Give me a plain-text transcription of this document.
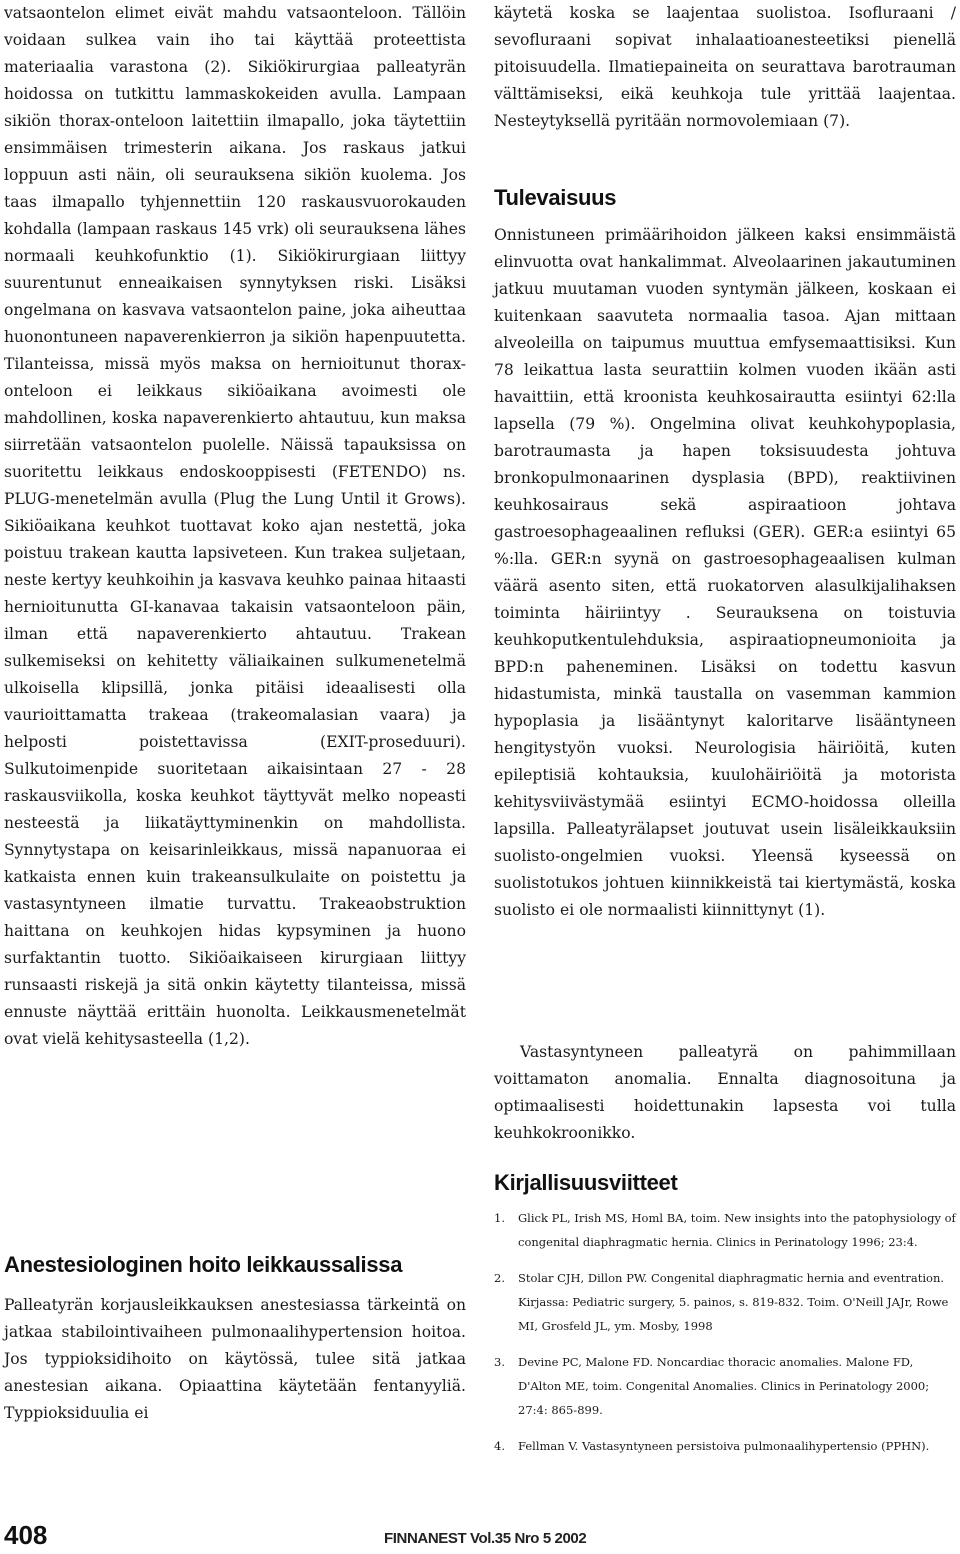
vatsaontelon elimet eivät mahdu vatsaonteloon. Tällöin voidaan sulkea vain iho tai käyttää proteettista materiaalia varastona (2). Sikiökirurgiaa palleatyrän hoidossa on tutkittu lammaskokeiden avulla. Lampaan sikiön thorax-onteloon laitettiin ilmapallo, joka täytettiin ensimmäisen trimesterin aikana. Jos raskaus jatkui loppuun asti näin, oli seurauksena sikiön kuolema. Jos taas ilmapallo tyhjennettiin 120 raskausvuorokauden kohdalla (lampaan raskaus 145 vrk) oli seurauksena lähes normaali keuhkofunktio (1). Sikiökirurgiaan liittyy suurentunut enneaikaisen synnytyksen riski. Lisäksi ongelmana on kasvava vatsaontelon paine, joka aiheuttaa huonontuneen napaverenkierron ja sikiön hapenpuutetta. Tilanteissa, missä myös maksa on hernioitunut thorax-onteloon ei leikkaus sikiöaikana avoimesti ole mahdollinen, koska napaverenkierto ahtautuu, kun maksa siirretään vatsaontelon puolelle. Näissä tapauksissa on suoritettu leikkaus endoskooppisesti (FETENDO) ns. PLUG-menetelmän avulla (Plug the Lung Until it Grows). Sikiöaikana keuhkot tuottavat koko ajan nestettä, joka poistuu trakean kautta lapsiveteen. Kun trakea suljetaan, neste kertyy keuhkoihin ja kasvava keuhko painaa hitaasti hernioitunutta GI-kanavaa takaisin vatsaonteloon päin, ilman että napaverenkierto ahtautuu. Trakean sulkemiseksi on kehitetty väliaikainen sulkumenetelmä ulkoisella klipsillä, jonka pitäisi ideaalisesti olla vaurioittamatta trakeaa (trakeomalasian vaara) ja helposti poistettavissa (EXIT-proseduuri). Sulkutoimenpide suoritetaan aikaisintaan 27 - 28 raskausviikolla, koska keuhkot täyttyvät melko nopeasti nesteestä ja liikatäyttyminenkin on mahdollista. Synnytystapa on keisarinleikkaus, missä napanuoraa ei katkaista ennen kuin trakeansulkulaite on poistettu ja vastasyntyneen ilmatie turvattu. Trakeaobstruktion haittana on keuhkojen hidas kypsyminen ja huono surfaktantin tuotto. Sikiöaikaiseen kirurgiaan liittyy runsaasti riskejä ja sitä onkin käytetty tilanteissa, missä ennuste näyttää erittäin huonolta. Leikkausmenetelmät ovat vielä kehitysasteella (1,2).

Anestesiologinen hoito leikkaussalissa

Palleatyrän korjausleikkauksen anestesiassa tärkeintä on jatkaa stabilointivaiheen pulmonaalihypertension hoitoa. Jos typpioksidihoito on käytössä, tulee sitä jatkaa anestesian aikana. Opiaattina käytetään fentanyyliä. Typpioksiduulia ei

käytetä koska se laajentaa suolistoa. Isofluraani / sevofluraani sopivat inhalaatioanesteetiksi pienellä pitoisuudella. Ilmatiepaineita on seurattava barotrauman välttämiseksi, eikä keuhkoja tule yrittää laajentaa. Nesteytyksellä pyritään normovolemiaan (7).

Tulevaisuus

Onnistuneen primäärihoidon jälkeen kaksi ensimmäistä elinvuotta ovat hankalimmat. Alveolaarinen jakautuminen jatkuu muutaman vuoden syntymän jälkeen, koskaan ei kuitenkaan saavuteta normaalia tasoa. Ajan mittaan alveoleilla on taipumus muuttua emfysemaattisiksi. Kun 78 leikattua lasta seurattiin kolmen vuoden ikään asti havaittiin, että kroonista keuhkosairautta esiintyi 62:lla lapsella (79 %). Ongelmina olivat keuhkohypoplasia, barotraumasta ja hapen toksisuudesta johtuva bronkopulmonaarinen dysplasia (BPD), reaktiivinen keuhkosairaus sekä aspiraatioon johtava gastroesophageaalinen refluksi (GER). GER:a esiintyi 65 %:lla. GER:n syynä on gastroesophageaalisen kulman väärä asento siten, että ruokatorven alasulkijalihaksen toiminta häiriintyy . Seurauksena on toistuvia keuhkoputkentulehduksia, aspiraatiopneumonioita ja BPD:n paheneminen. Lisäksi on todettu kasvun hidastumista, minkä taustalla on vasemman kammion hypoplasia ja lisääntynyt kaloritarve lisääntyneen hengitystyön vuoksi. Neurologisia häiriöitä, kuten epileptisiä kohtauksia, kuulohäiriöitä ja motorista kehitysviivästymää esiintyi ECMO-hoidossa olleilla lapsilla. Palleatyrälapset joutuvat usein lisäleikkauksiin suolisto-ongelmien vuoksi. Yleensä kyseessä on suolistotukos johtuen kiinnikkeistä tai kiertymästä, koska suolisto ei ole normaalisti kiinnittynyt (1).

Vastasyntyneen palleatyrä on pahimmillaan voittamaton anomalia. Ennalta diagnosoituna ja optimaalisesti hoidettunakin lapsesta voi tulla keuhkokroonikko.

Kirjallisuusviitteet
1. Glick PL, Irish MS, Homl BA, toim. New insights into the patophysiology of congenital diaphragmatic hernia. Clinics in Perinatology 1996; 23:4.
2. Stolar CJH, Dillon PW. Congenital diaphragmatic hernia and eventration. Kirjassa: Pediatric surgery, 5. painos, s. 819-832. Toim. O'Neill JAJr, Rowe MI, Grosfeld JL, ym. Mosby, 1998
3. Devine PC, Malone FD. Noncardiac thoracic anomalies. Malone FD, D'Alton ME, toim. Congenital Anomalies. Clinics in Perinatology 2000; 27:4: 865-899.
4. Fellman V. Vastasyntyneen persistoiva pulmonaalihypertensio (PPHN).
408	FINNANEST Vol.35 Nro 5 2002
